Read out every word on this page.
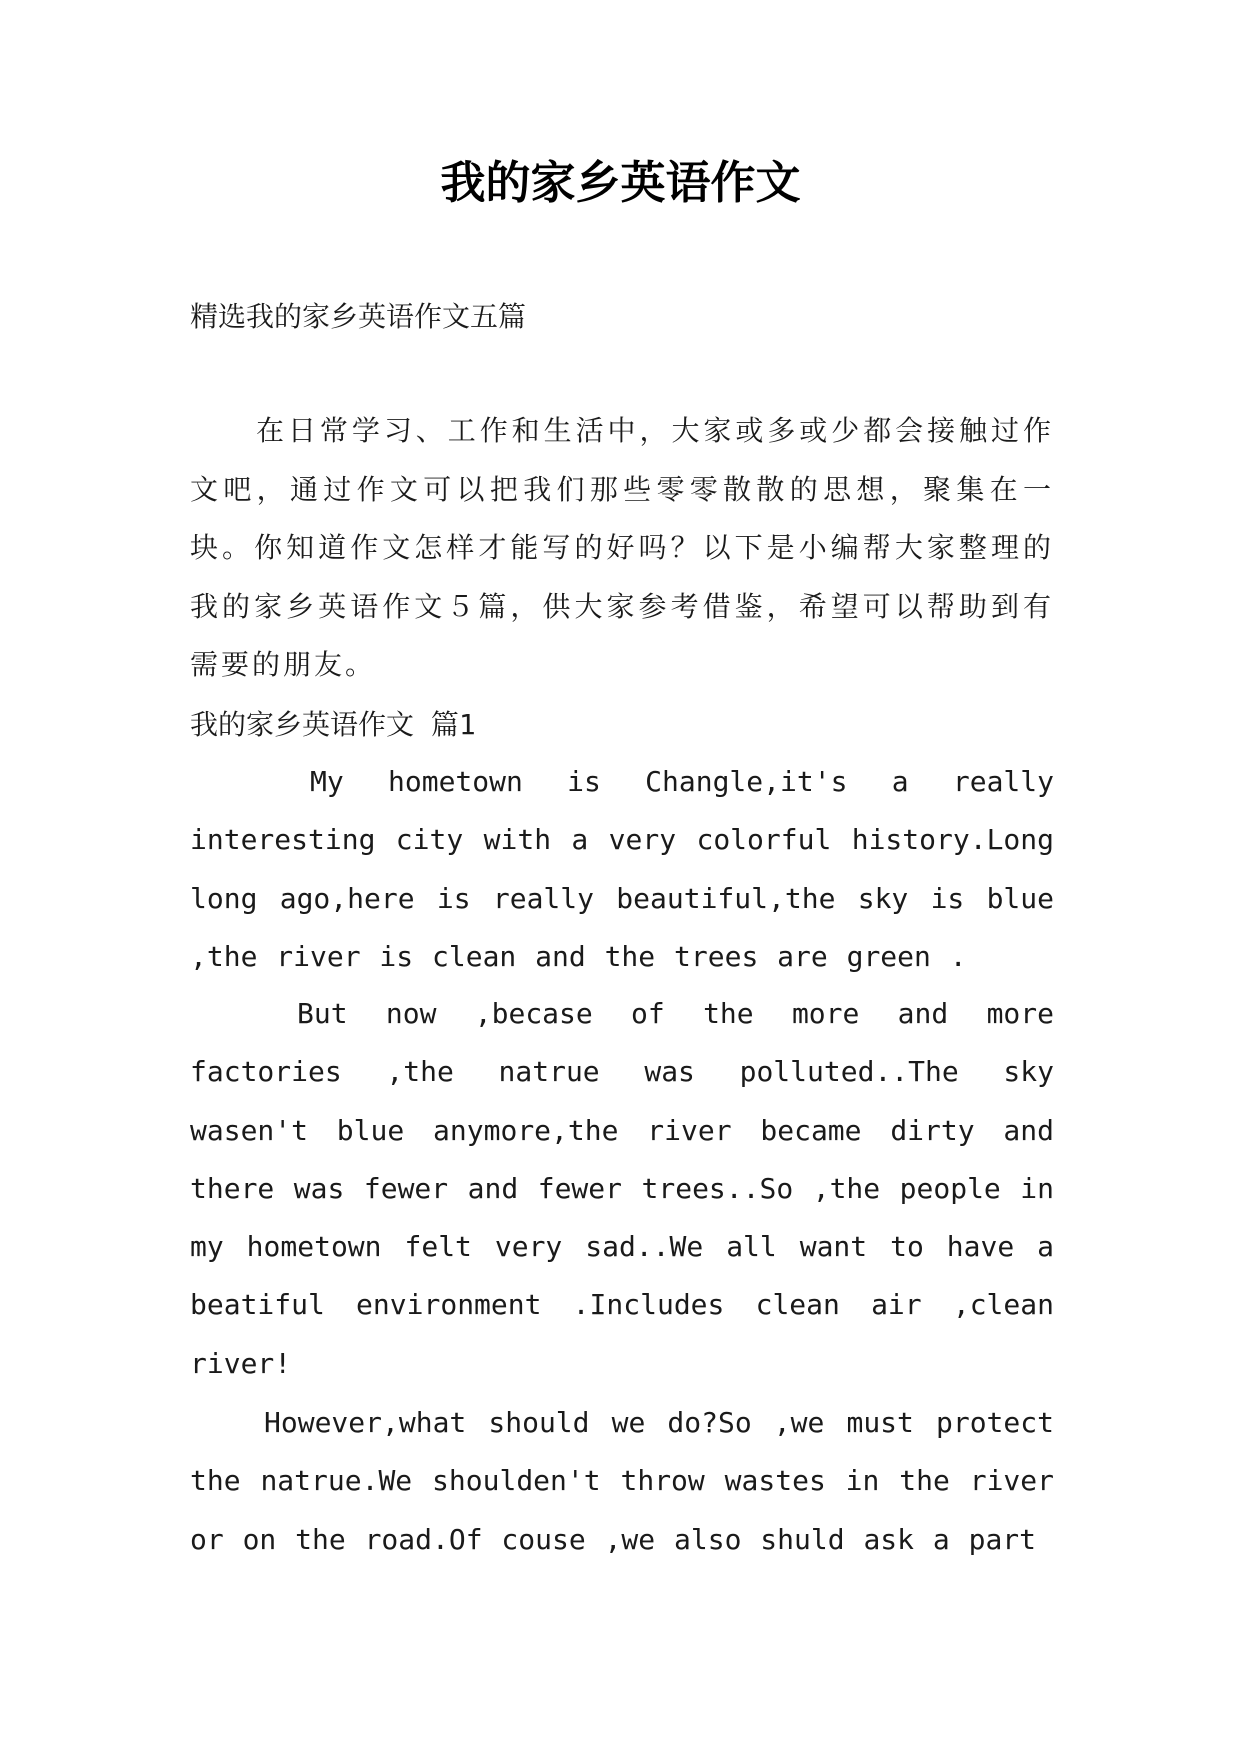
我的家乡英语作文

精选我的家乡英语作文五篇

在日常学习、工作和生活中，大家或多或少都会接触过作文吧，通过作文可以把我们那些零零散散的思想，聚集在一块。你知道作文怎样才能写的好吗？以下是小编帮大家整理的我的家乡英语作文５篇，供大家参考借鉴，希望可以帮助到有需要的朋友。

我的家乡英语作文 篇1

My hometown is Changle,it's a really interesting city with a very colorful history.Long long ago,here is really beautiful,the sky is blue ,the river is clean and the trees are green .

But now ,becase of the more and more factories ,the natrue was polluted..The sky wasen't blue anymore,the river became dirty and there was fewer and fewer trees..So ,the people in my hometown felt very sad..We all want to have a beatiful environment .Includes clean air ,clean river!

However,what should we do?So ,we must protect the natrue.We shoulden't throw wastes in the river or on the road.Of couse ,we also shuld ask a part
